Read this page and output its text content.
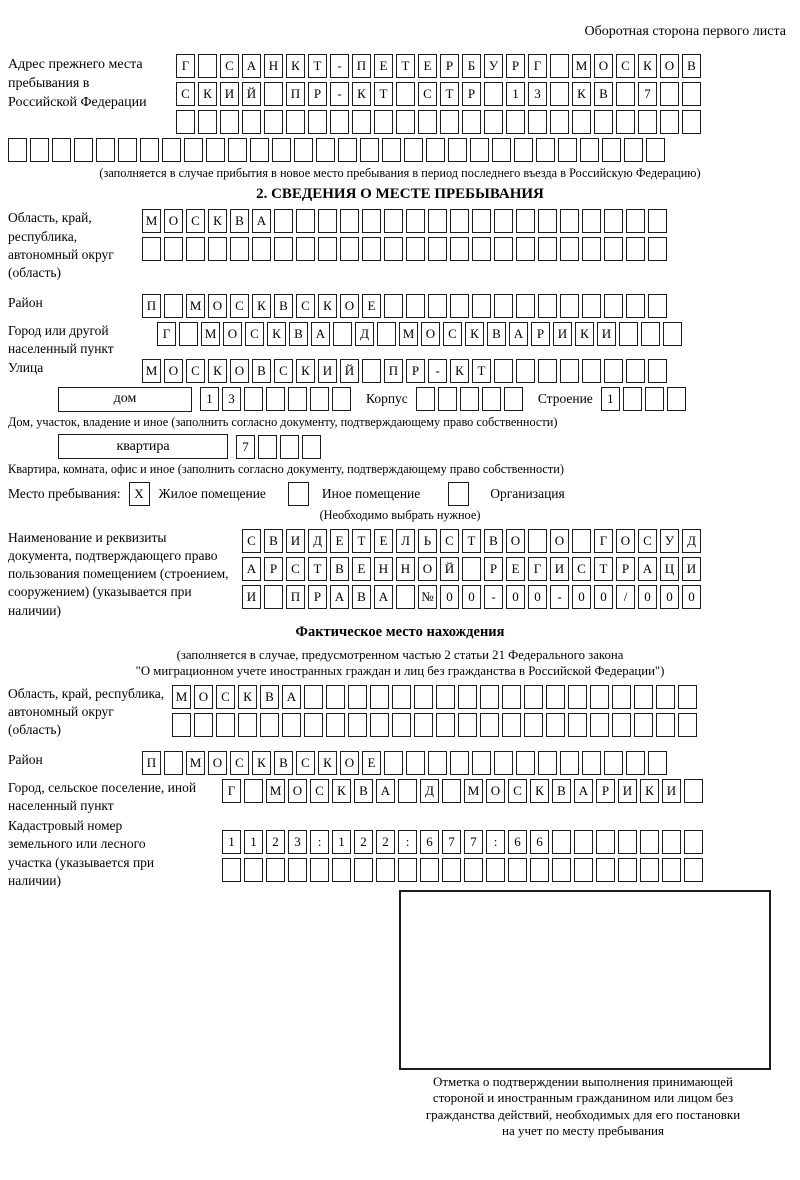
Оборотная сторона первого листа
Адрес прежнего места пребывания в Российской Федерации
Г	С А Н К	Т	-	П	Е	Т	Е	Р	Б	У	Р	Г	М О С	К О В
С	К И Й	П	Р	-	К	Т	С	Т	Р	1	3	К	В	7
(заполняется в случае прибытия в новое место пребывания в период последнего въезда в Российскую Федерацию)
2. СВЕДЕНИЯ О МЕСТЕ ПРЕБЫВАНИЯ
Область, край, республика, автономный округ (область)
М О С	К	В А
Район	П	М О С	К	В	С	К О	Е
Город или другой населенный пункт
Г	М О С	К	В А	Д	М О С	К	В А	Р	И К И
Улица	М О С	К О В	С	К И Й	П	Р	-	К	Т
дом	1	3	Корпус	Строение	1
Дом, участок, владение и иное (заполнить согласно документу, подтверждающему право собственности)
квартира	7
Квартира, комната, офис и иное (заполнить согласно документу, подтверждающему право собственности)
Место пребывания:	X	Жилое помещение	Иное помещение	Организация
(Необходимо выбрать нужное)
Наименование и реквизиты документа, подтверждающего право пользования помещением (строением, сооружением) (указывается при наличии)
С	В И Д	Е	Т	Е	Л	Ь	С	Т	В О	О	Г	О С	У Д
А	Р	С	Т	В	Е	Н Н О Й	Р	Е	Г	И С	Т	Р	А Ц И
И	П	Р	А В А	№ 0	0	-	0	0	-	0	0	/	0	0	0
Фактическое место нахождения
(заполняется в случае, предусмотренном частью 2 статьи 21 Федерального закона
"О миграционном учете иностранных граждан и лиц без гражданства в Российской Федерации")
Область, край, республика, автономный округ (область)
М О С	К	В А
Район	П	М О С	К	В	С	К О	Е
Город, сельское поселение, иной населенный пункт
Г	М О С	К	В А	Д	М О С	К	В А	Р	И К И
Кадастровый номер земельного или лесного участка (указывается при наличии)
1	1	2	3	:	1	2	2	:	6	7	7	:	6	6
Отметка о подтверждении выполнения принимающей
стороной и иностранным гражданином или лицом без
гражданства действий, необходимых для его постановки
на учет по месту пребывания
